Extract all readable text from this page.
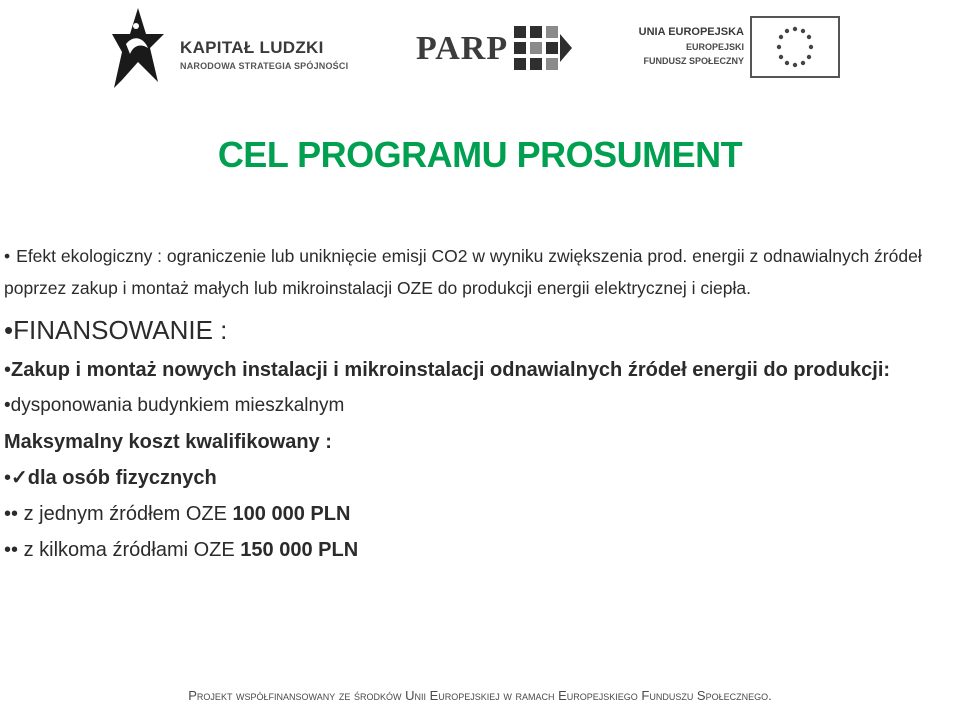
KAPITAŁ LUDZKI
NARODOWA STRATEGIA SPÓJNOŚCI PARP	UNIA EUROPEJSKA
EUROPEJSKI
FUNDUSZ SPOŁECZNY
CEL PROGRAMU PROSUMENT

• Efekt ekologiczny : ograniczenie lub uniknięcie emisji CO2 w wyniku zwiększenia prod. energii z odnawialnych źródeł poprzez zakup i montaż małych lub mikroinstalacji OZE do produkcji energii elektrycznej i ciepła.

•FINANSOWANIE :

•Zakup i montaż nowych instalacji i mikroinstalacji odnawialnych źródeł energii do produkcji:

•dysponowania budynkiem mieszkalnym

Maksymalny koszt kwalifikowany :

•✓dla osób fizycznych

•• z jednym źródłem OZE 100 000 PLN

•• z kilkoma źródłami OZE 150 000 PLN

Projekt współfinansowany ze środków Unii Europejskiej w ramach Europejskiego Funduszu Społecznego.
